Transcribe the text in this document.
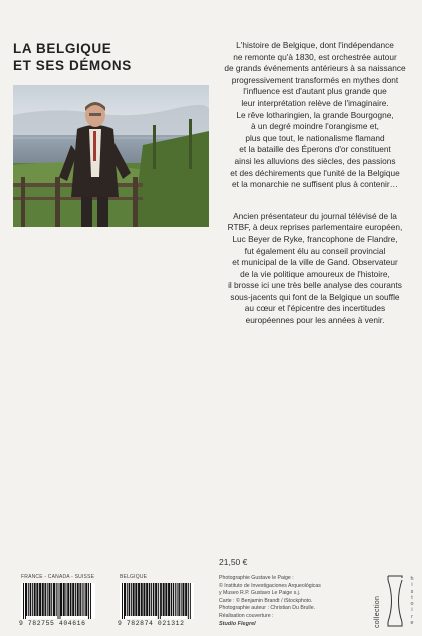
LA BELGIQUE
ET SES DÉMONS
L'histoire de Belgique, dont l'indépendance
ne remonte qu'à 1830, est orchestrée autour
de grands événements antérieurs à sa naissance
progressivement transformés en mythes dont
l'influence est d'autant plus grande que
leur interprétation relève de l'imaginaire.
Le rêve lotharingien, la grande Bourgogne,
à un degré moindre l'orangisme et,
plus que tout, le nationalisme flamand
et la bataille des Éperons d'or constituent
ainsi les alluvions des siècles, des passions
et des déchirements que l'unité de la Belgique
et la monarchie ne suffisent plus à contenir…
Ancien présentateur du journal télévisé de la
RTBF, à deux reprises parlementaire européen,
Luc Beyer de Ryke, francophone de Flandre,
fut également élu au conseil provincial
et municipal de la ville de Gand. Observateur
de la vie politique amoureux de l'histoire,
il brosse ici une très belle analyse des courants
sous-jacents qui font de la Belgique un souffle
au cœur et l'épicentre des incertitudes
européennes pour les années à venir.
21,50 €
Photographie Gustave le Paige :
© Instituto de Investigaciones Arqueológicas
y Museo R.P. Gustavo Le Paige s.j.
Carte : © Benjamin Brandt / iStockphoto.
Photographie auteur : Christian Du Brulle.
Réalisation couverture :
Studio Flegrel
FRANCE - CANADA - SUISSE
9 782755 404616
BELGIQUE
9 782874 021312	collection
h
i
s
t
o
i
r
e
